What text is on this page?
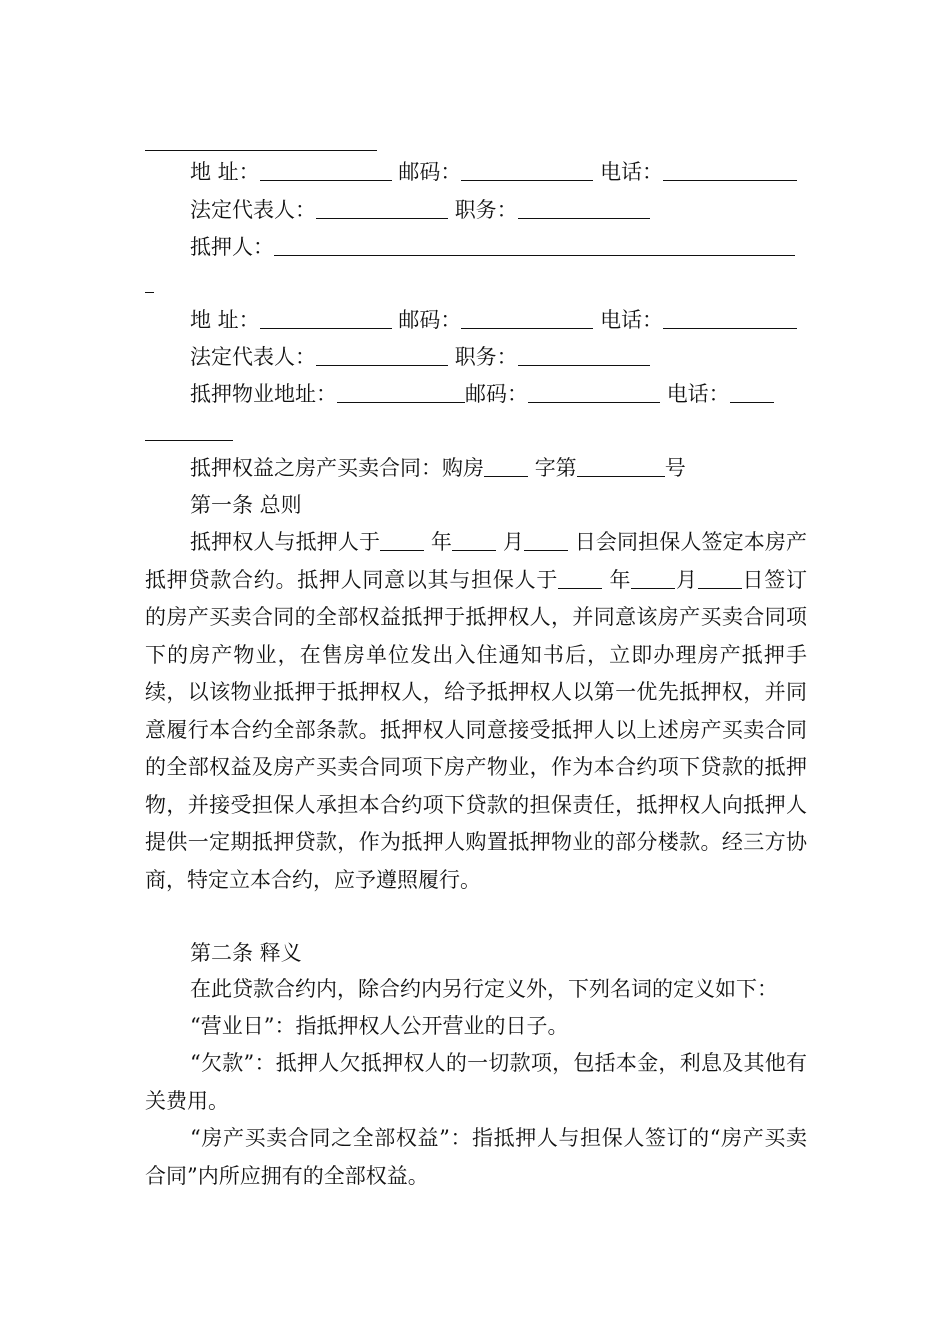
地 址：	邮码：	电话：
法定代表人：	职务：
抵押人：
地 址：	邮码：	电话：
法定代表人：	职务：
抵押物业地址：	邮码：	电话：
抵押权益之房产买卖合同：购房 字第	号
第一条 总则
抵押权人与抵押人于 年 月 日会同担保人签定本房产抵押贷款合约。抵押人同意以其与担保人于 年 月 日签订的房产买卖合同的全部权益抵押于抵押权人，并同意该房产买卖合同项下的房产物业，在售房单位发出入住通知书后，立即办理房产抵押手续，以该物业抵押于抵押权人，给予抵押权人以第一优先抵押权，并同意履行本合约全部条款。抵押权人同意接受抵押人以上述房产买卖合同的全部权益及房产买卖合同项下房产物业，作为本合约项下贷款的抵押物，并接受担保人承担本合约项下贷款的担保责任，抵押权人向抵押人提供一定期抵押贷款，作为抵押人购置抵押物业的部分楼款。经三方协商，特定立本合约，应予遵照履行。
第二条 释义
在此贷款合约内，除合约内另行定义外，下列名词的定义如下：
“营业日”：指抵押权人公开营业的日子。
“欠款”：抵押人欠抵押权人的一切款项，包括本金，利息及其他有关费用。
“房产买卖合同之全部权益”：指抵押人与担保人签订的“房产买卖合同”内所应拥有的全部权益。
